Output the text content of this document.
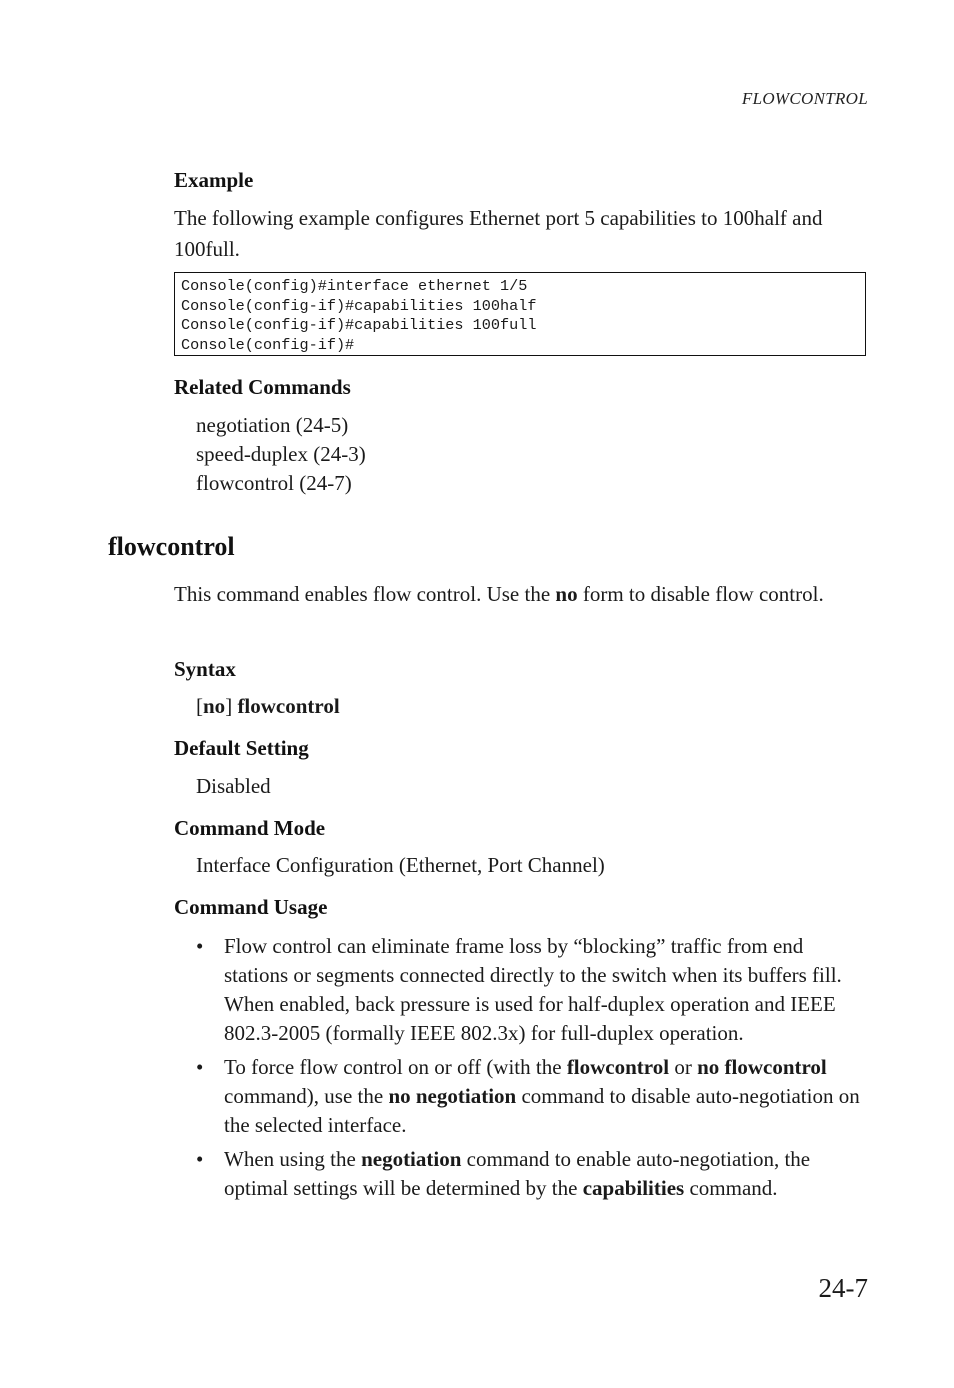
FLOWCONTROL
Example
The following example configures Ethernet port 5 capabilities to 100half and 100full.
Console(config)#interface ethernet 1/5
Console(config-if)#capabilities 100half
Console(config-if)#capabilities 100full
Console(config-if)#
Related Commands
negotiation (24-5)
speed-duplex (24-3)
flowcontrol (24-7)
flowcontrol
This command enables flow control. Use the no form to disable flow control.
Syntax
[no] flowcontrol
Default Setting
Disabled
Command Mode
Interface Configuration (Ethernet, Port Channel)
Command Usage
• Flow control can eliminate frame loss by “blocking” traffic from end stations or segments connected directly to the switch when its buffers fill. When enabled, back pressure is used for half-duplex operation and IEEE 802.3-2005 (formally IEEE 802.3x) for full-duplex operation.
• To force flow control on or off (with the flowcontrol or no flowcontrol command), use the no negotiation command to disable auto-negotiation on the selected interface.
• When using the negotiation command to enable auto-negotiation, the optimal settings will be determined by the capabilities command.
24-7
